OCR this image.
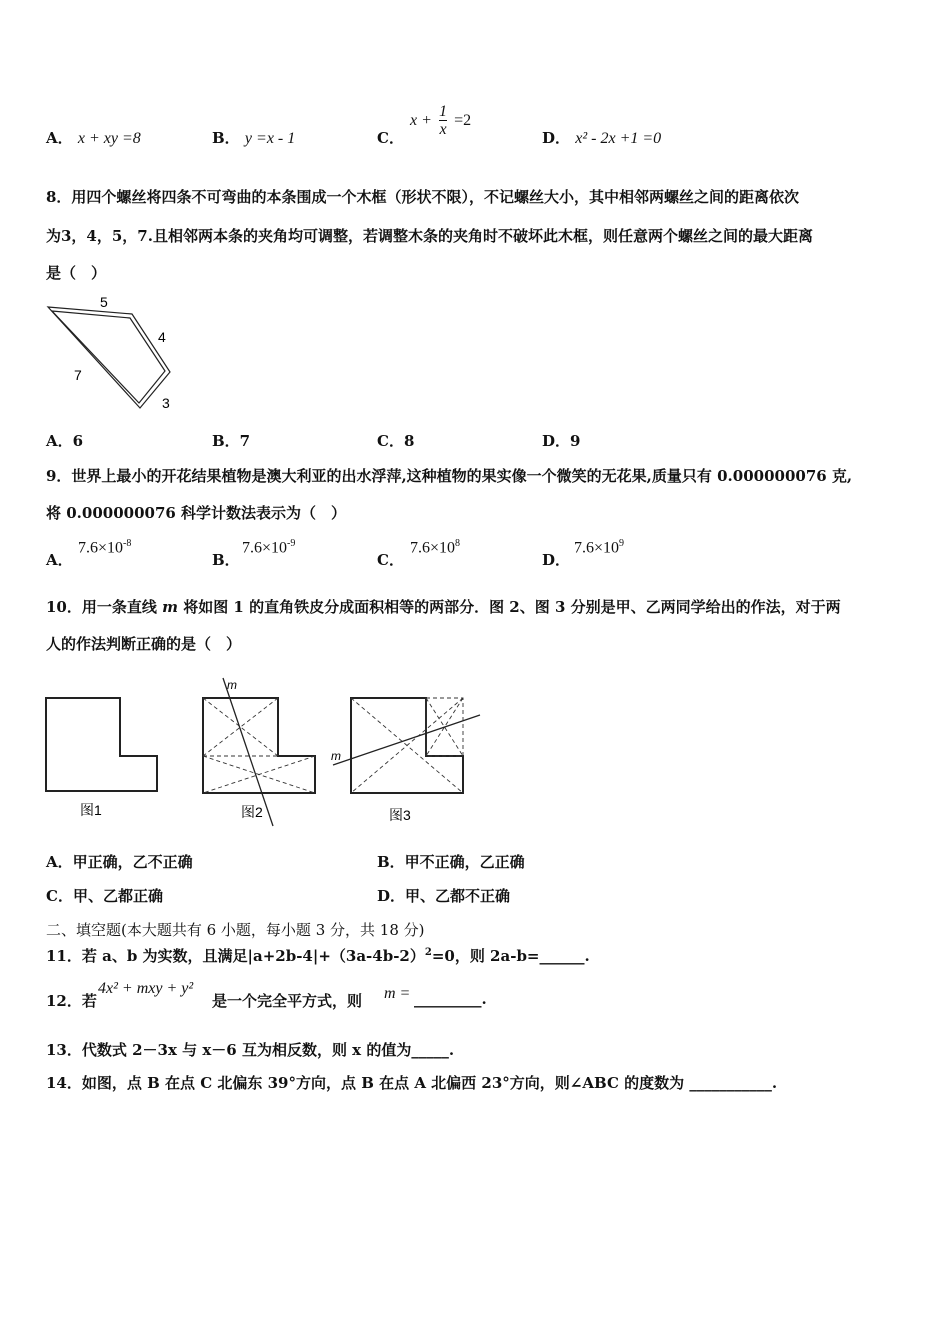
A． x + xy =8	B． y =x - 1	C．
$x + \frac{1}{x} =2$
D． x² - 2x +1 =0
8．用四个螺丝将四条不可弯曲的本条围成一个木框（形状不限），不记螺丝大小，其中相邻两螺丝之间的距离依次
为3，4，5，7.且相邻两本条的夹角均可调整，若调整木条的夹角时不破坏此木框，则任意两个螺丝之间的最大距离
是（　）
5
4
7
3
A．6	B．7	C．8	D．9
9．世界上最小的开花结果植物是澳大利亚的出水浮萍,这种植物的果实像一个微笑的无花果,质量只有 0.000000076 克,
将 0.000000076 科学计数法表示为（　）
A．
$7.6\times 10^{-8}$
B．
$7.6\times 10^{-9}$
C．
$7.6\times 10^8$
D．
$7.6\times 10^9$
10．用一条直线 m 将如图 1 的直角铁皮分成面积相等的两部分．图 2、图 3 分别是甲、乙两同学给出的作法，对于两
人的作法判断正确的是（　）
图1
m
图2
m
图3
A．甲正确，乙不正确	B．甲不正确，乙正确
C．甲、乙都正确	D．甲、乙都不正确
二、填空题(本大题共有 6 小题，每小题 3 分，共 18 分)
11．若 a、b 为实数，且满足$|a+2b-4|+(3a-4b-2)^2=0$，则 2a-b=______.
12．若
4x² + mxy + y²
是一个完全平方式，则 m = _________.
13．代数式 2－3x 与 x－6 互为相反数，则 x 的值为_____.
14．如图，点 B 在点 C 北偏东 39°方向，点 B 在点 A 北偏西 23°方向，则∠ABC 的度数为 ___________.
